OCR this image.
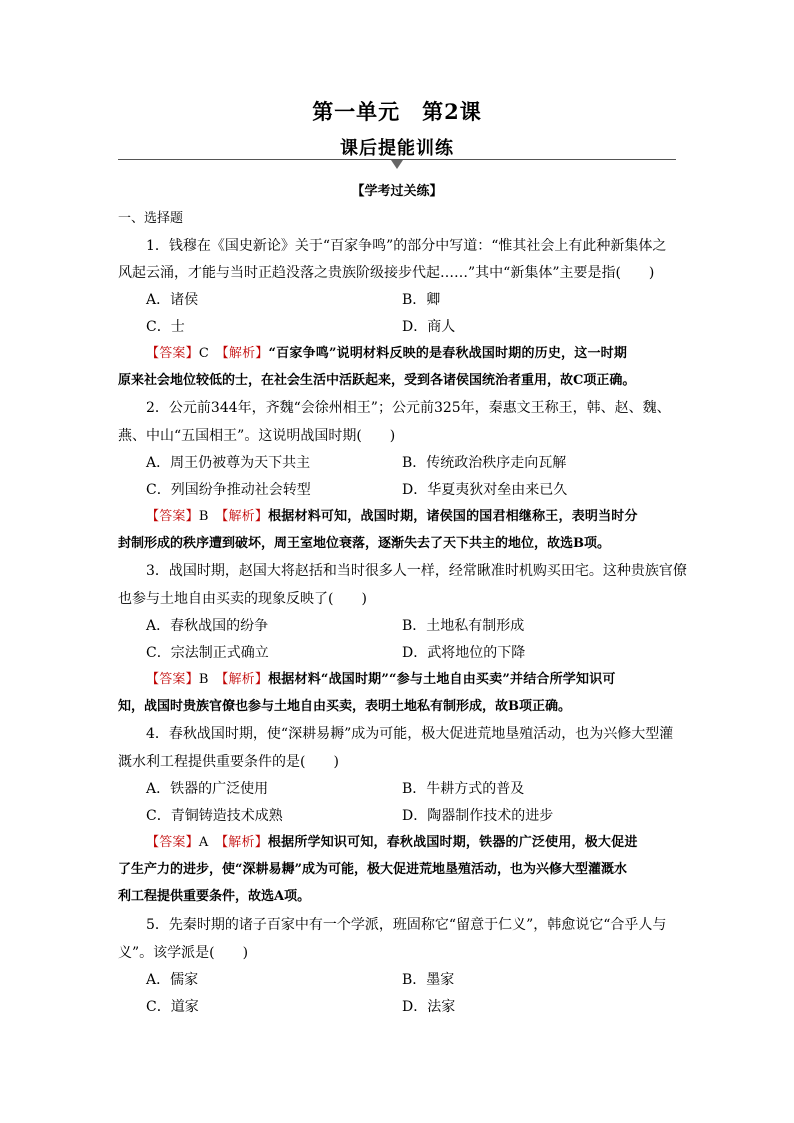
第一单元　第2课
课后提能训练
【学考过关练】
一、选择题
1．钱穆在《国史新论》关于“百家争鸣”的部分中写道：“惟其社会上有此种新集体之
风起云涌，才能与当时正趋没落之贵族阶级接步代起……”其中“新集体”主要是指(　　)
A．诸侯	B．卿
C．士	D．商人
【答案】C　 【解析】“百家争鸣”说明材料反映的是春秋战国时期的历史，这一时期
原来社会地位较低的士，在社会生活中活跃起来，受到各诸侯国统治者重用，故C项正确。
2．公元前344年，齐魏“会徐州相王”；公元前325年，秦惠文王称王，韩、赵、魏、
燕、中山“五国相王”。这说明战国时期(　　)
A．周王仍被尊为天下共主	B．传统政治秩序走向瓦解
C．列国纷争推动社会转型	D．华夏夷狄对垒由来已久
【答案】B　 【解析】根据材料可知，战国时期，诸侯国的国君相继称王，表明当时分
封制形成的秩序遭到破坏，周王室地位衰落，逐渐失去了天下共主的地位，故选B项。
3．战国时期，赵国大将赵括和当时很多人一样，经常瞅准时机购买田宅。这种贵族官僚
也参与土地自由买卖的现象反映了(　　)
A．春秋战国的纷争	B．土地私有制形成
C．宗法制正式确立	D．武将地位的下降
【答案】B　 【解析】根据材料“战国时期”“参与土地自由买卖”并结合所学知识可
知，战国时贵族官僚也参与土地自由买卖，表明土地私有制形成，故B项正确。
4．春秋战国时期，使“深耕易耨”成为可能，极大促进荒地垦殖活动，也为兴修大型灌
溉水利工程提供重要条件的是(　　)
A．铁器的广泛使用	B．牛耕方式的普及
C．青铜铸造技术成熟	D．陶器制作技术的进步
【答案】A　 【解析】根据所学知识可知，春秋战国时期，铁器的广泛使用，极大促进
了生产力的进步，使“深耕易耨”成为可能，极大促进荒地垦殖活动，也为兴修大型灌溉水
利工程提供重要条件，故选A项。
5．先秦时期的诸子百家中有一个学派，班固称它“留意于仁义”，韩愈说它“合乎人与
义”。该学派是(　　)
A．儒家	B．墨家
C．道家	D．法家
